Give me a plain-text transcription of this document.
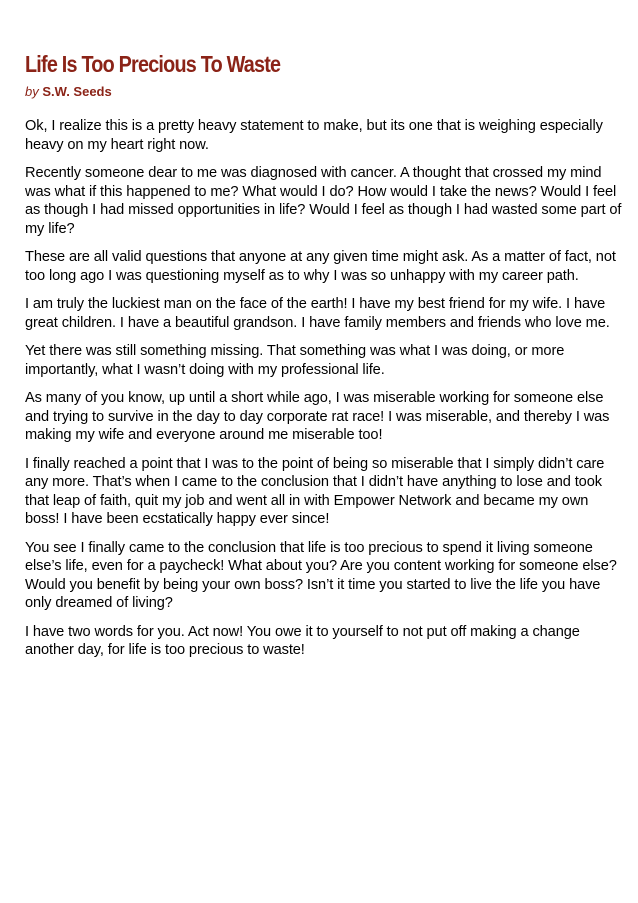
Life Is Too Precious To Waste
by S.W. Seeds

Ok, I realize this is a pretty heavy statement to make, but its one that is weighing especially heavy on my heart right now.

Recently someone dear to me was diagnosed with cancer. A thought that crossed my mind was what if this happened to me? What would I do? How would I take the news? Would I feel as though I had missed opportunities in life? Would I feel as though I had wasted some part of my life?

These are all valid questions that anyone at any given time might ask. As a matter of fact, not too long ago I was questioning myself as to why I was so unhappy with my career path.

I am truly the luckiest man on the face of the earth! I have my best friend for my wife. I have great children. I have a beautiful grandson. I have family members and friends who love me.

Yet there was still something missing. That something was what I was doing, or more importantly, what I wasn’t doing with my professional life.

As many of you know, up until a short while ago, I was miserable working for someone else and trying to survive in the day to day corporate rat race! I was miserable, and thereby I was making my wife and everyone around me miserable too!

I finally reached a point that I was to the point of being so miserable that I simply didn’t care any more. That’s when I came to the conclusion that I didn’t have anything to lose and took that leap of faith, quit my job and went all in with Empower Network and became my own boss! I have been ecstatically happy ever since!

You see I finally came to the conclusion that life is too precious to spend it living someone else’s life, even for a paycheck! What about you? Are you content working for someone else? Would you benefit by being your own boss? Isn’t it time you started to live the life you have only dreamed of living?

I have two words for you. Act now! You owe it to yourself to not put off making a change another day, for life is too precious to waste!
